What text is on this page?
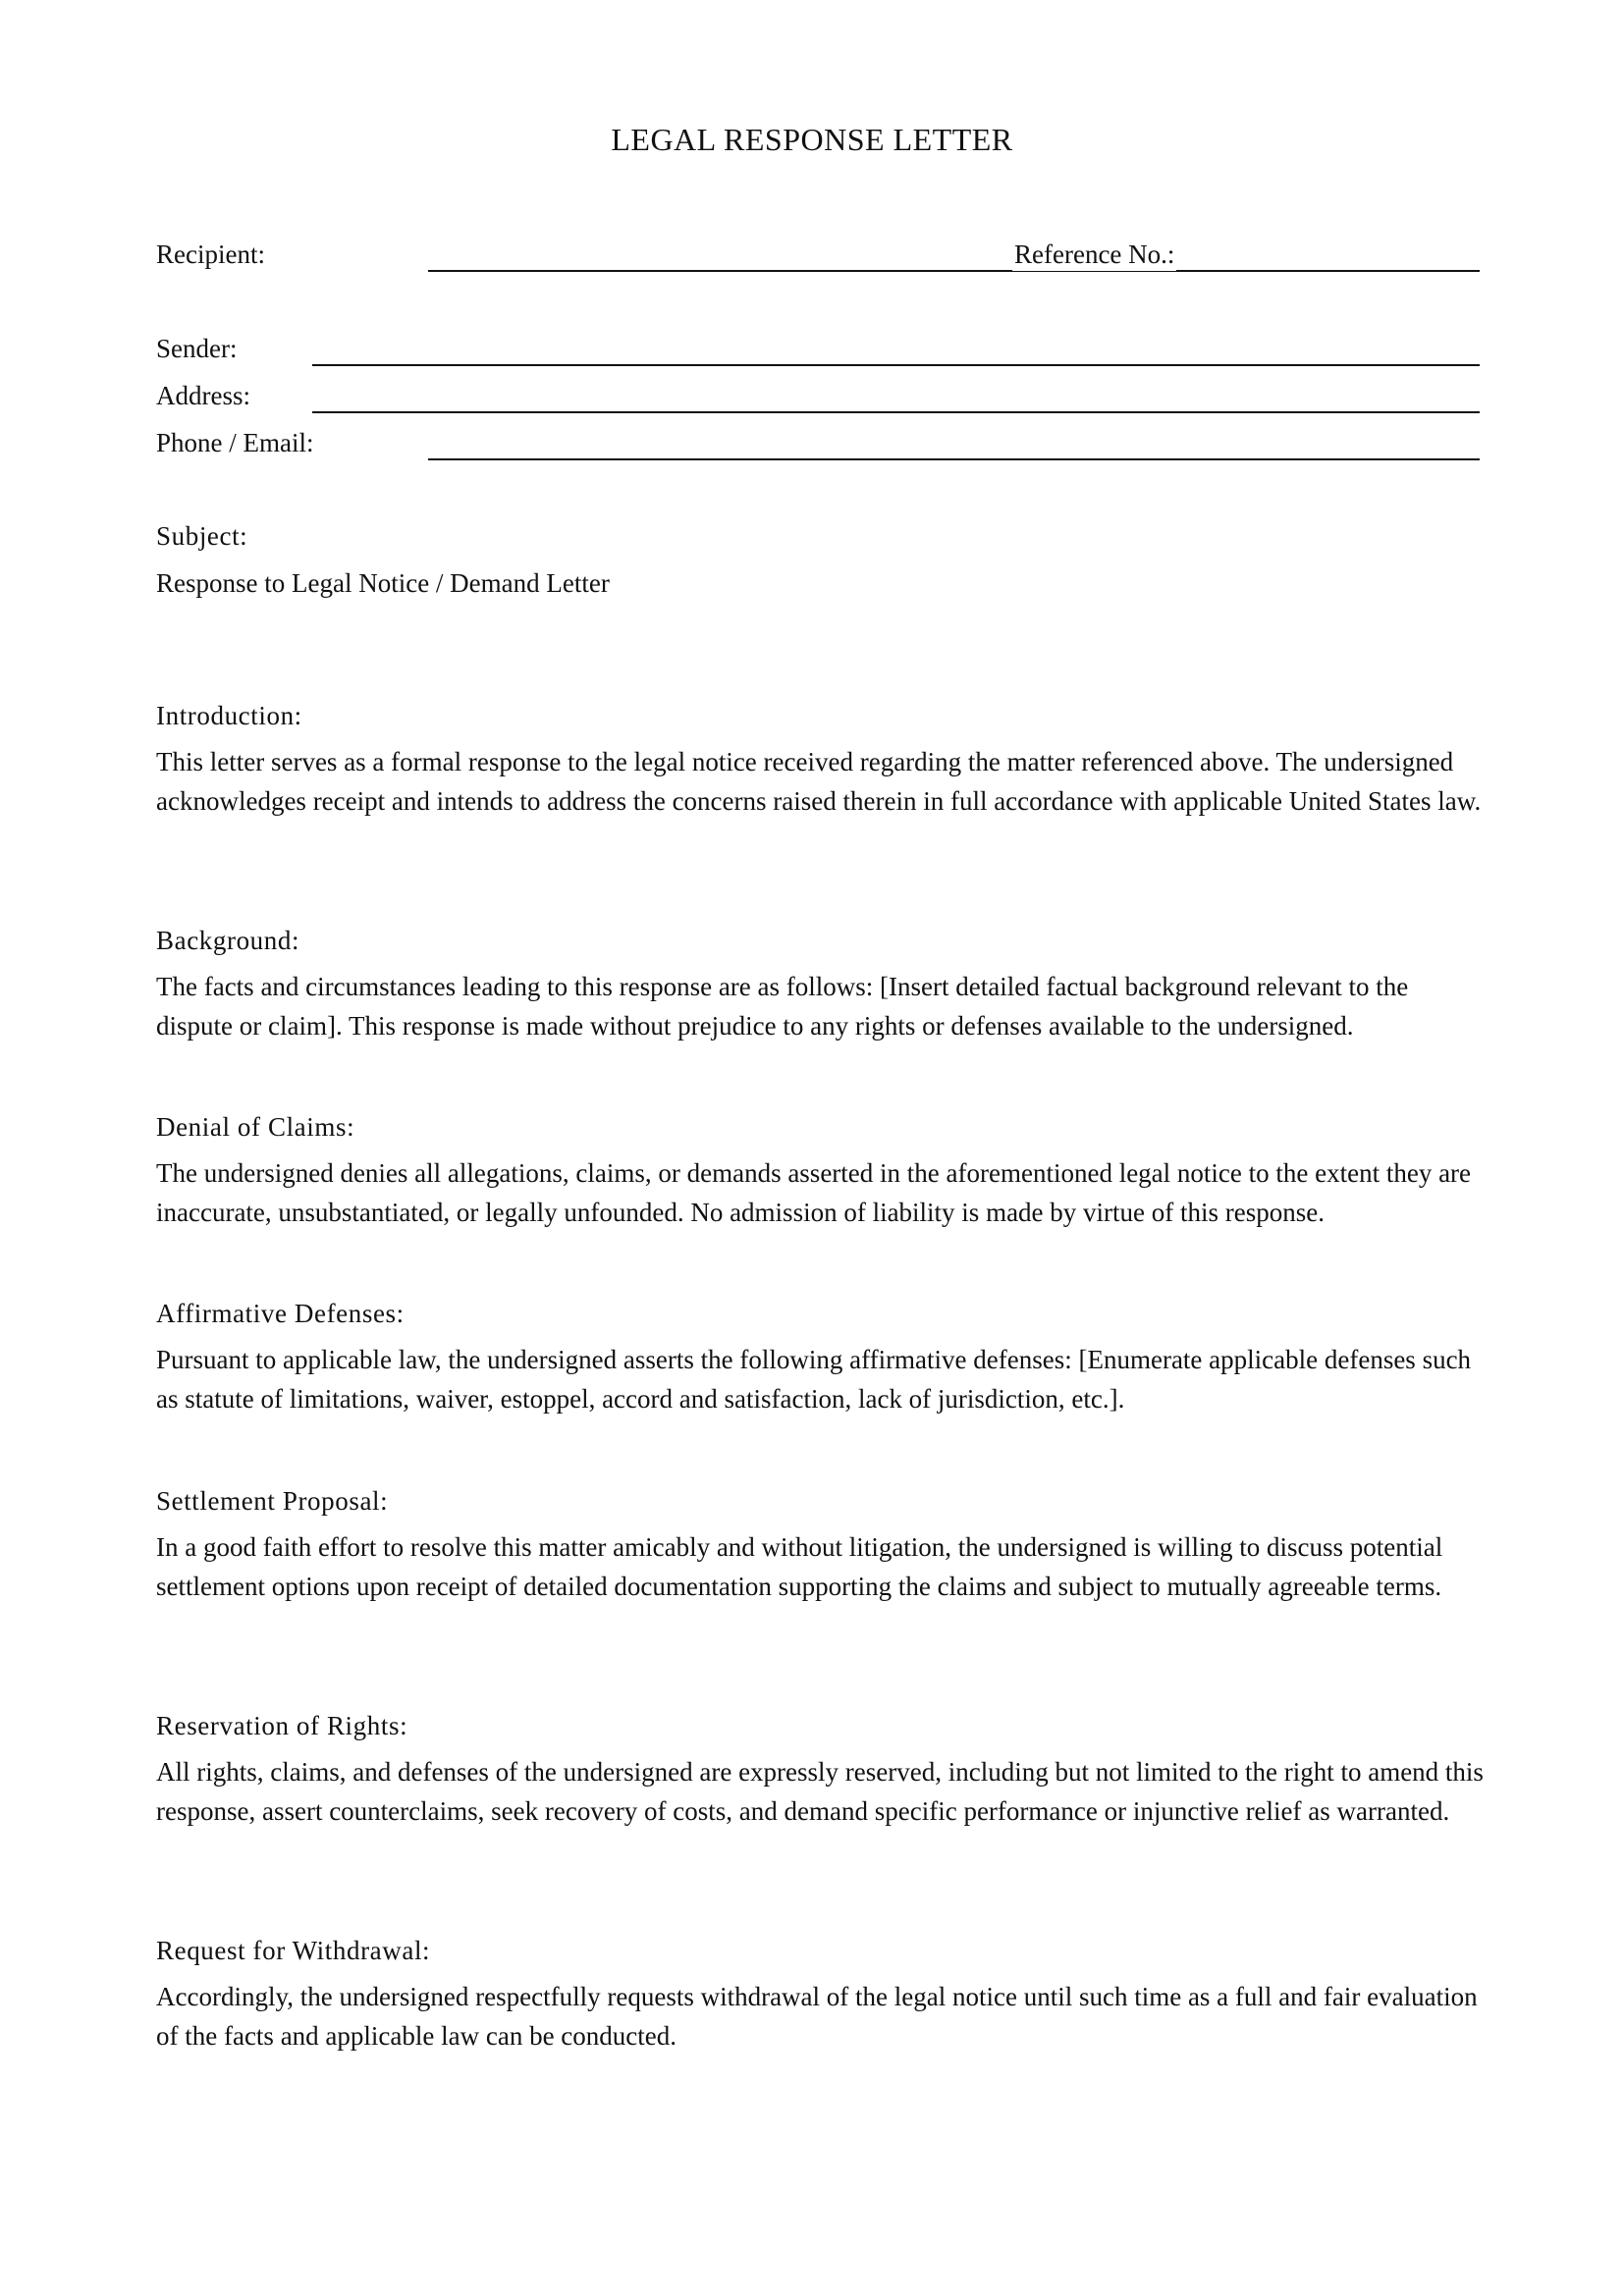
LEGAL RESPONSE LETTER
Recipient:	Reference No.:
Sender:
Address:
Phone / Email:
Subject:
Response to Legal Notice / Demand Letter
Introduction:

This letter serves as a formal response to the legal notice received regarding the matter referenced above. The undersigned acknowledges receipt and intends to address the concerns raised therein in full accordance with applicable United States law.

Background:

The facts and circumstances leading to this response are as follows: [Insert detailed factual background relevant to the dispute or claim]. This response is made without prejudice to any rights or defenses available to the undersigned.

Denial of Claims:

The undersigned denies all allegations, claims, or demands asserted in the aforementioned legal notice to the extent they are inaccurate, unsubstantiated, or legally unfounded. No admission of liability is made by virtue of this response.

Affirmative Defenses:

Pursuant to applicable law, the undersigned asserts the following affirmative defenses: [Enumerate applicable defenses such as statute of limitations, waiver, estoppel, accord and satisfaction, lack of jurisdiction, etc.].

Settlement Proposal:

In a good faith effort to resolve this matter amicably and without litigation, the undersigned is willing to discuss potential settlement options upon receipt of detailed documentation supporting the claims and subject to mutually agreeable terms.

Reservation of Rights:

All rights, claims, and defenses of the undersigned are expressly reserved, including but not limited to the right to amend this response, assert counterclaims, seek recovery of costs, and demand specific performance or injunctive relief as warranted.

Request for Withdrawal:

Accordingly, the undersigned respectfully requests withdrawal of the legal notice until such time as a full and fair evaluation of the facts and applicable law can be conducted.
